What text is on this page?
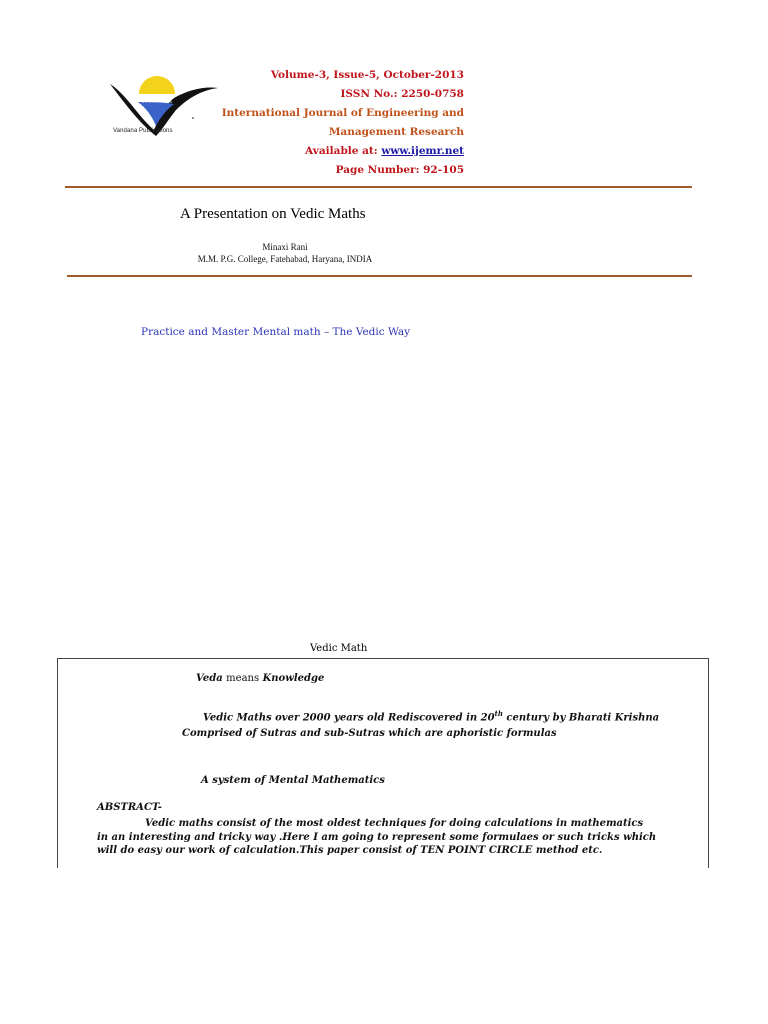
Vandana Publications
Volume-3, Issue-5, October-2013
ISSN No.: 2250-0758
International Journal of Engineering and
Management Research
Available at: www.ijemr.net
Page Number: 92-105
A Presentation on Vedic Maths
Minaxi Rani
M.M. P.G. College, Fatehabad, Haryana, INDIA
Practice and Master Mental math – The Vedic Way
Vedic Math
Veda means Knowledge
Vedic Maths over 2000 years old Rediscovered in 20th century by Bharati Krishna
Comprised of Sutras and sub-Sutras which are aphoristic formulas
A system of Mental Mathematics
ABSTRACT-
Vedic maths consist of the most oldest techniques for doing calculations in mathematics in an interesting and tricky way .Here I am going to represent some formulaes or such tricks which will do easy our work of calculation.This paper consist of TEN POINT CIRCLE method etc.
